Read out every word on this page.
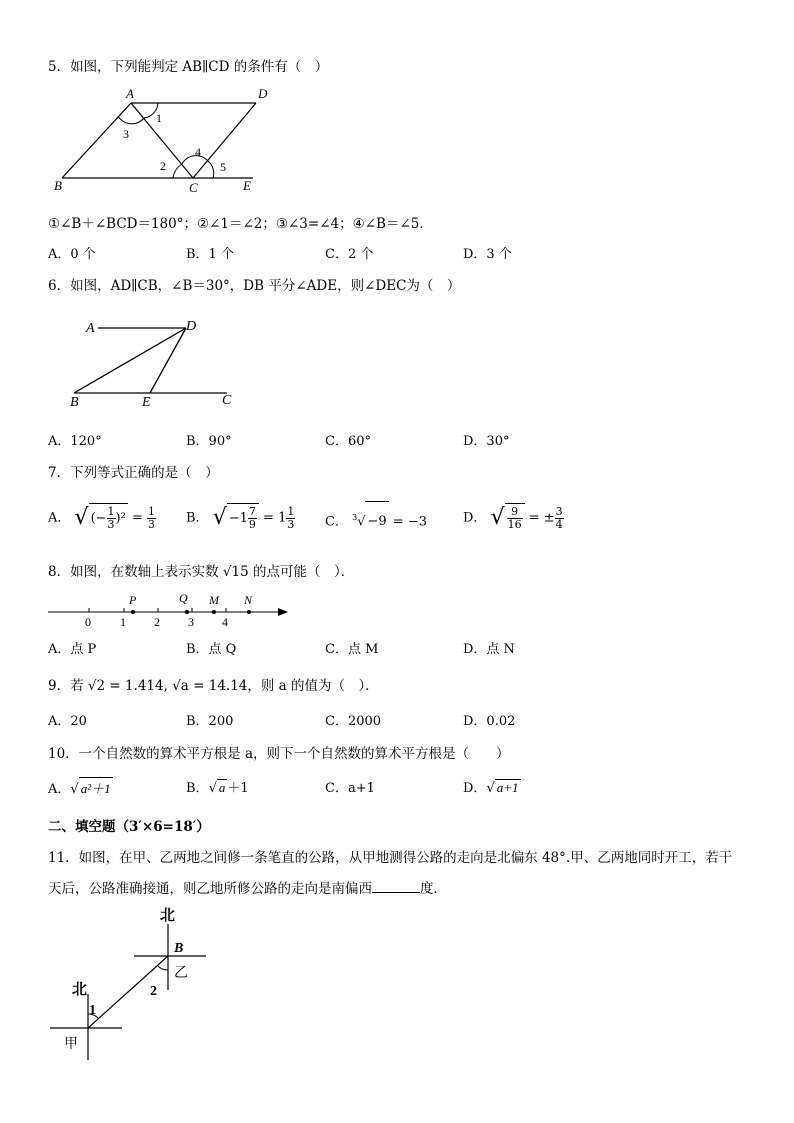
5．如图，下列能判定 AB∥CD 的条件有（　）
A	D
B	C	E
1
2
3
4
5
①∠B＋∠BCD＝180°；②∠1＝∠2；③∠3=∠4；④∠B＝∠5．
A．0 个	B．1 个	C．2 个	D．3 个
6．如图，AD∥CB，∠B＝30°，DB 平分∠ADE，则∠DEC为（　）
A	D
B	E	C
A．120°	B．90°	C．60°	D．30°
7．下列等式正确的是（　）
A． √ (− $\frac{1}{3} )^2 = \frac{1}{3}$ B． √ $-1 \frac{7}{9} = 1 \frac{1}{3}$ C． $^3$√ −9 = −3	D． √ $\frac{9}{16}$ = ± $\frac{3}{4}$
8．如图，在数轴上表示实数 √15 的点可能（　）．
0 1 2 3 4
P	Q M N
A．点 P	B．点 Q	C．点 M	D．点 N
9．若 √2 = 1.414, √a = 14.14，则 a 的值为（　）．
A．20	B．200	C．2000	D．0.02
10．一个自然数的算术平方根是 a，则下一个自然数的算术平方根是（　　）
A．√ a²＋1	B．√ a ＋1	C．a+1	D．√ a+1
二、填空题（3′×6=18′）
11．如图，在甲、乙两地之间修一条笔直的公路，从甲地测得公路的走向是北偏东 48°.甲、乙两地同时开工，若干
天后，公路准确接通，则乙地所修公路的走向是南偏西	度．
北
B
乙
2
北
1
甲
